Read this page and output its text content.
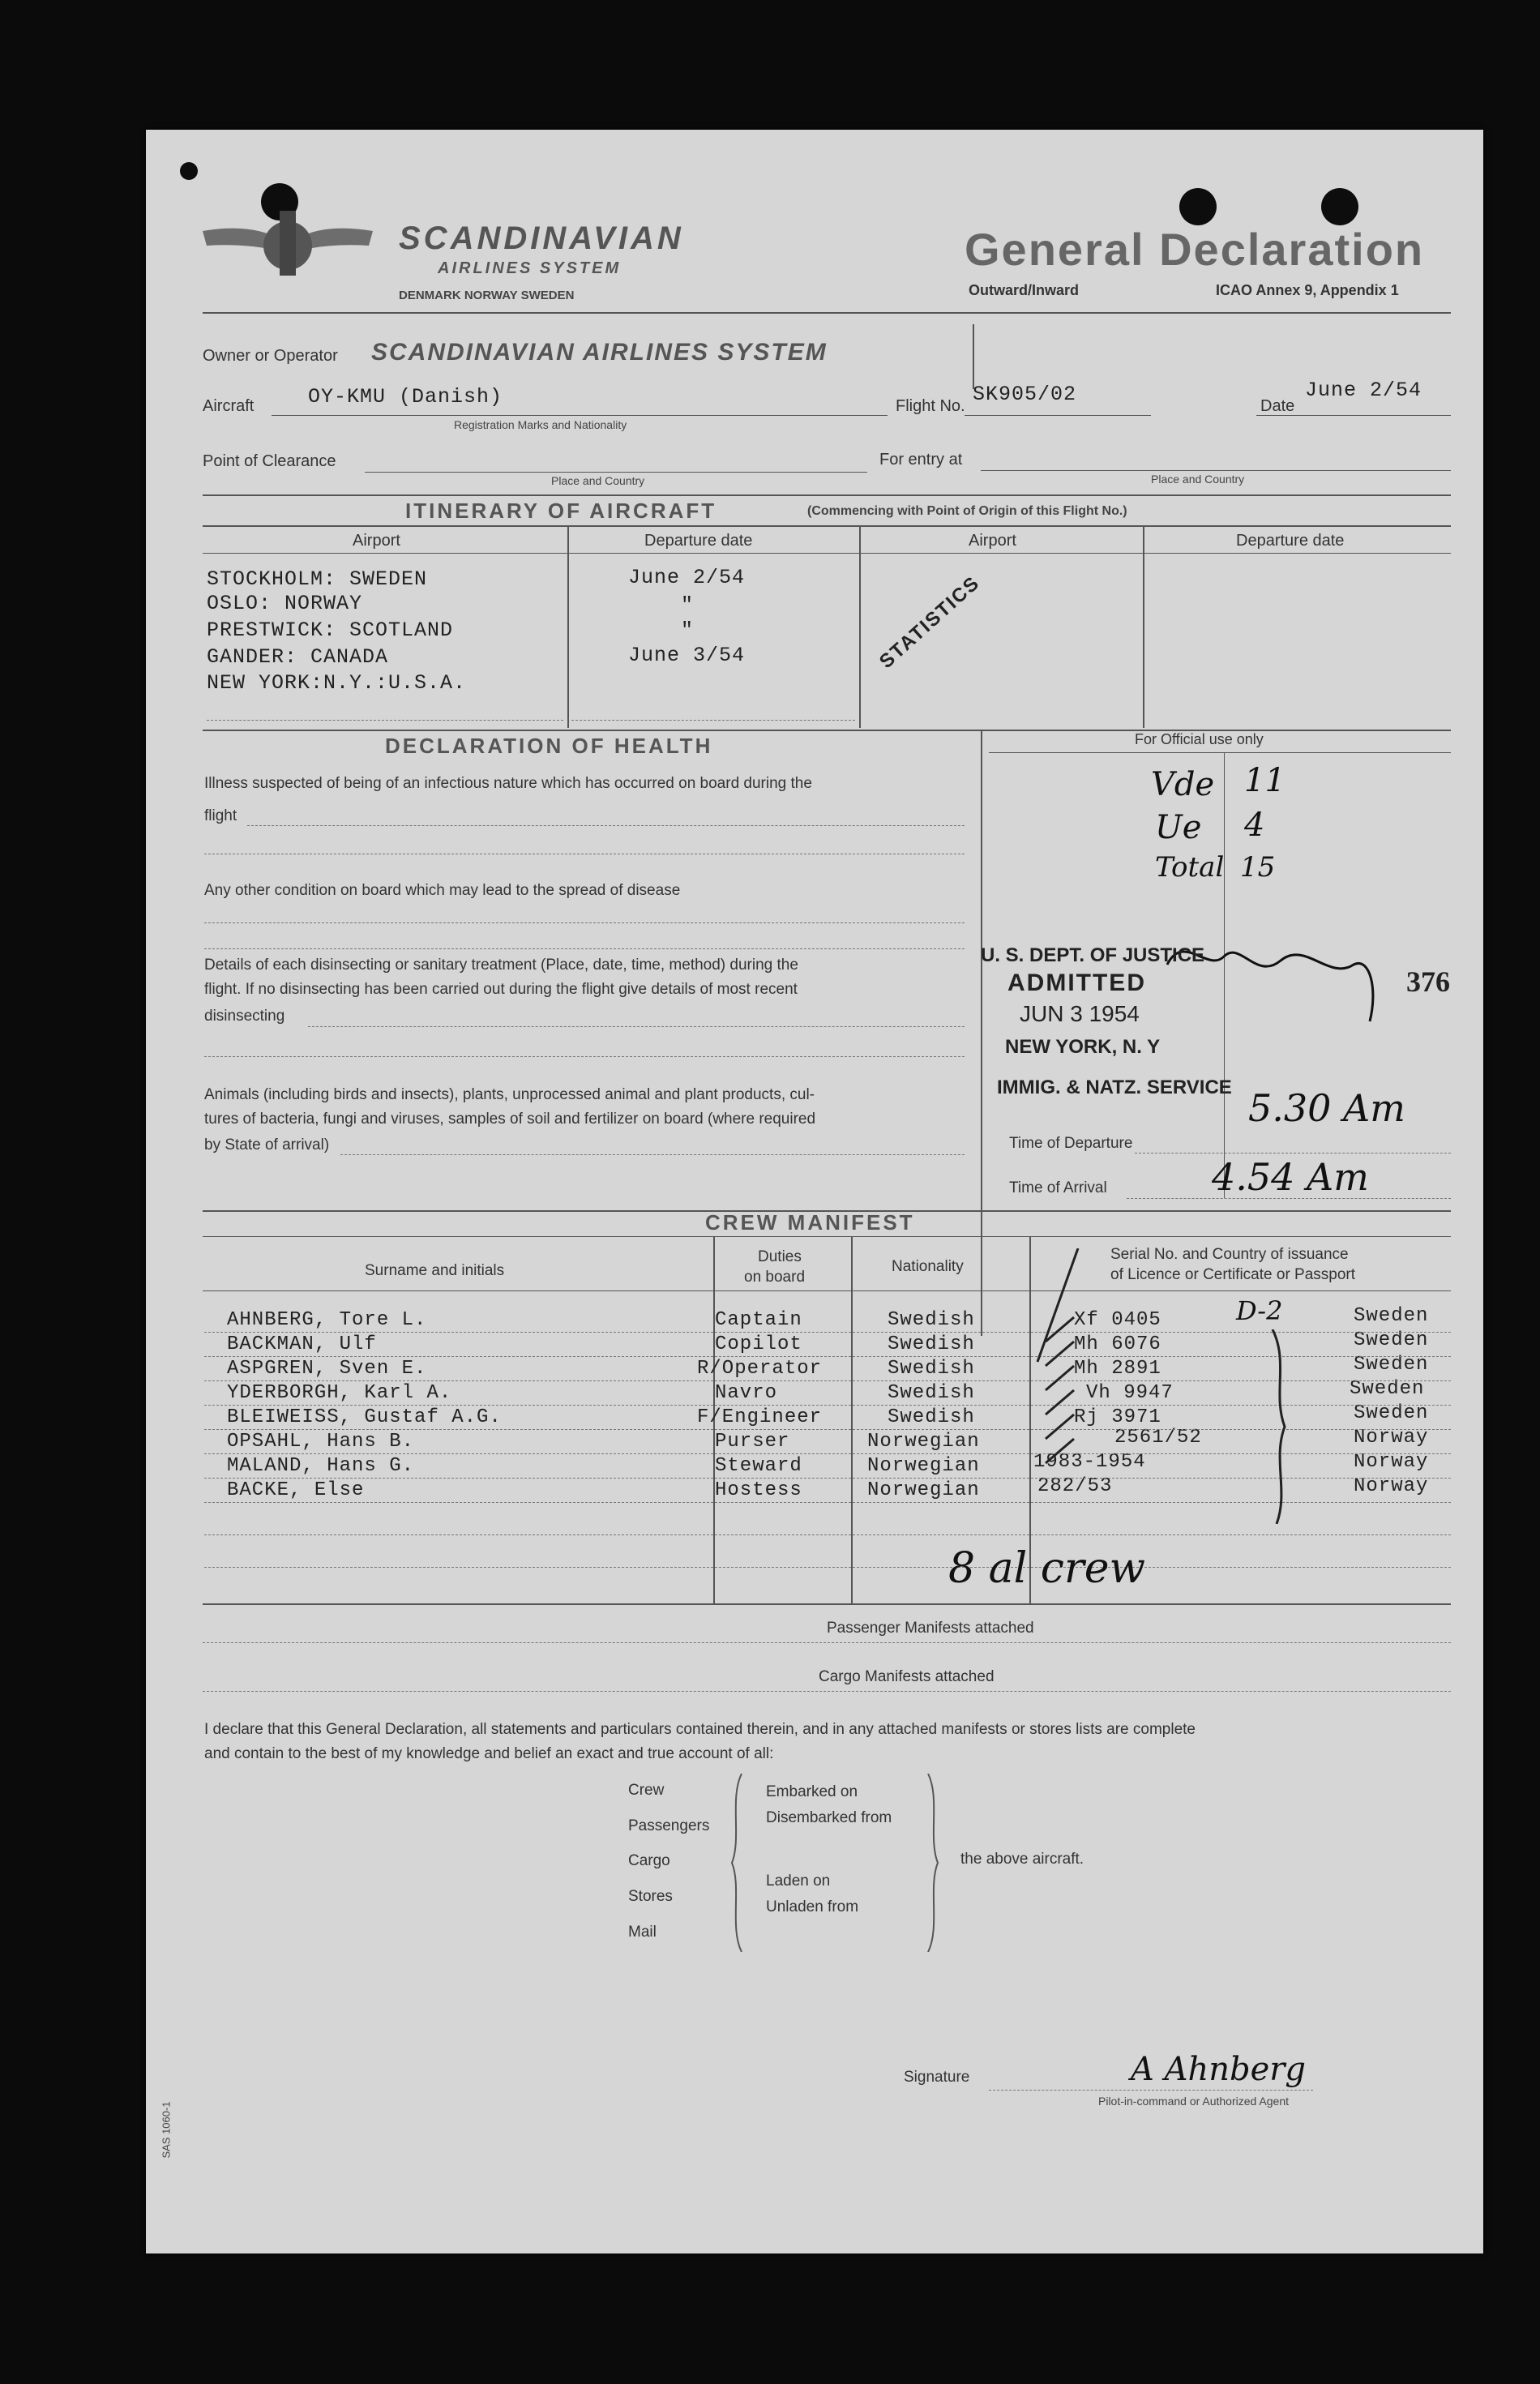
SCANDINAVIAN
AIRLINES SYSTEM
DENMARK NORWAY SWEDEN
General Declaration
Outward/Inward	ICAO Annex 9, Appendix 1
Owner or Operator SCANDINAVIAN AIRLINES SYSTEM
Aircraft	OY-KMU (Danish)
Registration Marks and Nationality
Flight No. SK905/02	Date
June 2/54
Point of Clearance
Place and Country
For entry at
Place and Country
ITINERARY OF AIRCRAFT	(Commencing with Point of Origin of this Flight No.)
Airport	Departure date	Airport	Departure date
STOCKHOLM: SWEDEN	June 2/54
OSLO: NORWAY	"
PRESTWICK: SCOTLAND	"
GANDER: CANADA	June 3/54
NEW YORK:N.Y.:U.S.A.
STATISTICS
DECLARATION OF HEALTH
Illness suspected of being of an infectious nature which has occurred on board during the
flight
Any other condition on board which may lead to the spread of disease
Details of each disinsecting or sanitary treatment (Place, date, time, method) during the
flight. If no disinsecting has been carried out during the flight give details of most recent
disinsecting
Animals (including birds and insects), plants, unprocessed animal and plant products, cul-
tures of bacteria, fungi and viruses, samples of soil and fertilizer on board (where required
by State of arrival)
For Official use only
Vde 11
Ue 4
Total 15
U. S. DEPT. OF JUSTICE
ADMITTED
JUN 3 1954
NEW YORK, N. Y
IMMIG. & NATZ. SERVICE
376
Time of Departure
5.30 Am
Time of Arrival	4.54 Am
CREW MANIFEST
Surname and initials
Duties
on board
Nationality
Serial No. and Country of issuance
of Licence or Certificate or Passport
AHNBERG, Tore L.	Captain	Swedish	Xf 0405	Sweden
BACKMAN, Ulf	Copilot	Swedish	Mh 6076	Sweden
ASPGREN, Sven E.	R/Operator	Swedish	Mh 2891	Sweden
YDERBORGH, Karl A.	Navro	Swedish	Vh 9947	Sweden
BLEIWEISS, Gustaf A.G.	F/Engineer	Swedish	Rj 3971	Sweden
OPSAHL, Hans B.	Purser	Norwegian	2561/52	Norway
MALAND, Hans G.	Steward	Norwegian	1983-1954	Norway
BACKE, Else	Hostess	Norwegian	282/53	Norway
D-2
8 al crew
Passenger Manifests attached
Cargo Manifests attached
I declare that this General Declaration, all statements and particulars contained therein, and in any attached manifests or stores lists are complete
and contain to the best of my knowledge and belief an exact and true account of all:
Crew
Passengers
Cargo
Stores
Mail
Embarked on
Disembarked from
Laden on
Unladen from
the above aircraft.
SAS 1060-1
Signature	A Ahnberg
Pilot-in-command or Authorized Agent
